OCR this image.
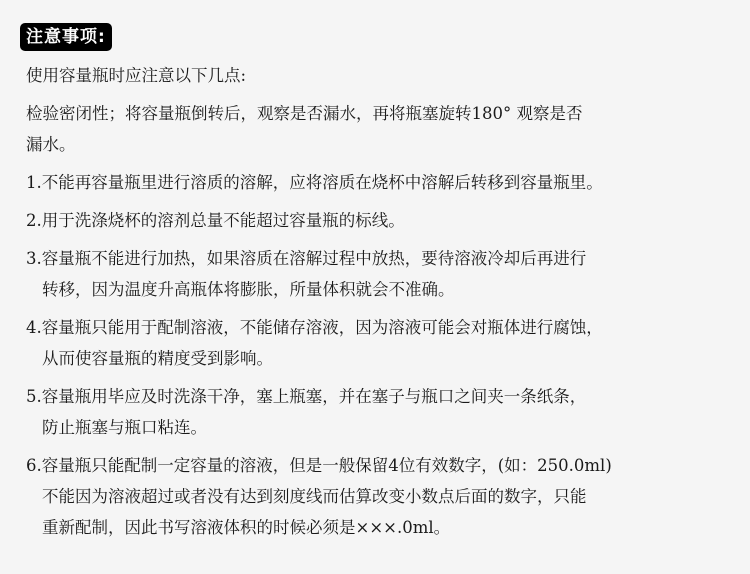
注意事项:
使用容量瓶时应注意以下几点:
检验密闭性；将容量瓶倒转后，观察是否漏水，再将瓶塞旋转180° 观察是否
漏水。
1.不能再容量瓶里进行溶质的溶解，应将溶质在烧杯中溶解后转移到容量瓶里。
2.用于洗涤烧杯的溶剂总量不能超过容量瓶的标线。
3.容量瓶不能进行加热，如果溶质在溶解过程中放热，要待溶液冷却后再进行
转移，因为温度升高瓶体将膨胀，所量体积就会不准确。
4.容量瓶只能用于配制溶液，不能储存溶液，因为溶液可能会对瓶体进行腐蚀，
从而使容量瓶的精度受到影响。
5.容量瓶用毕应及时洗涤干净，塞上瓶塞，并在塞子与瓶口之间夹一条纸条，
防止瓶塞与瓶口粘连。
6.容量瓶只能配制一定容量的溶液，但是一般保留4位有效数字，(如：250.0ml)
不能因为溶液超过或者没有达到刻度线而估算改变小数点后面的数字，只能
重新配制，因此书写溶液体积的时候必须是×××.0ml。
